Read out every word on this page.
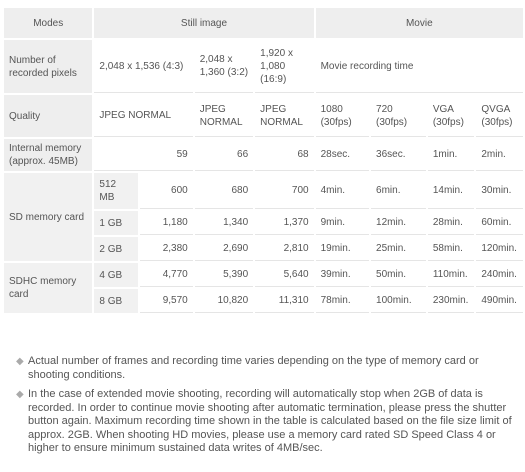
Modes	Still image				Movie			
Number of recorded pixels	2,048 x 1,536 (4:3)		2,048 x 1,360 (3:2)	1,920 x 1,080 (16:9)	Movie recording time			
Quality	JPEG NORMAL		JPEG NORMAL	JPEG NORMAL	1080 (30fps)	720 (30fps)	VGA (30fps)	QVGA (30fps)
Internal memory (approx. 45MB)	59		66	68	28sec.	36sec.	1min.	2min.
SD memory card	512 MB	600	680	700	4min.	6min.	14min.	30min.
	1 GB	1,180	1,340	1,370	9min.	12min.	28min.	60min.
	2 GB	2,380	2,690	2,810	19min.	25min.	58min.	120min.
SDHC memory card	4 GB	4,770	5,390	5,640	39min.	50min.	110min.	240min.
	8 GB	9,570	10,820	11,310	78min.	100min.	230min.	490min.
◆ Actual number of frames and recording time varies depending on the type of memory card or shooting conditions.
◆ In the case of extended movie shooting, recording will automatically stop when 2GB of data is recorded. In order to continue movie shooting after automatic termination, please press the shutter button again. Maximum recording time shown in the table is calculated based on the file size limit of approx. 2GB. When shooting HD movies, please use a memory card rated SD Speed Class 4 or higher to ensure minimum sustained data writes of 4MB/sec.
